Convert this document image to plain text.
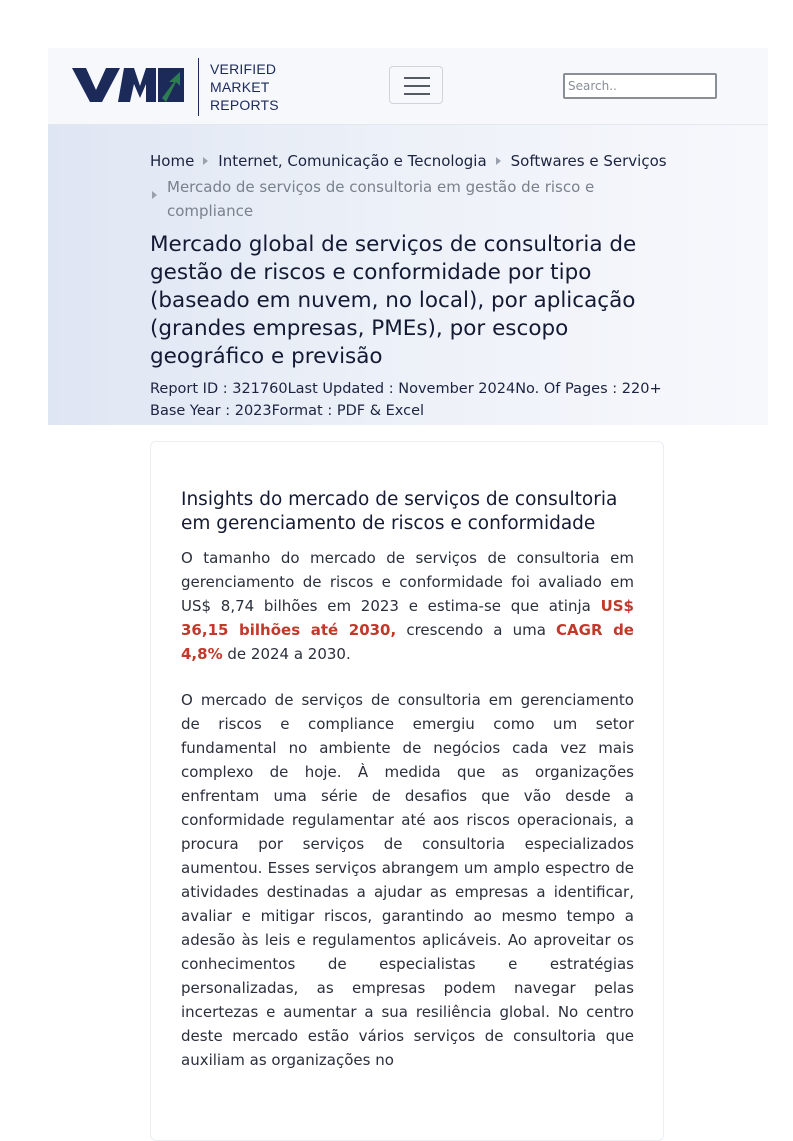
VERIFIED
MARKET
REPORTS
Search..
Home Internet, Comunicação e Tecnologia Softwares e Serviços
Mercado de serviços de consultoria em gestão de risco e compliance
Mercado global de serviços de consultoria de gestão de riscos e conformidade por tipo (baseado em nuvem, no local), por aplicação (grandes empresas, PMEs), por escopo geográfico e previsão
Report ID : 321760Last Updated : November 2024No. Of Pages : 220+
Base Year : 2023Format : PDF & Excel
Insights do mercado de serviços de consultoria em gerenciamento de riscos e conformidade

O tamanho do mercado de serviços de consultoria em gerenciamento de riscos e conformidade foi avaliado em US$ 8,74 bilhões em 2023 e estima-se que atinja US$ 36,15 bilhões até 2030, crescendo a uma CAGR de 4,8% de 2024 a 2030.

O mercado de serviços de consultoria em gerenciamento de riscos e compliance emergiu como um setor fundamental no ambiente de negócios cada vez mais complexo de hoje. À medida que as organizações enfrentam uma série de desafios que vão desde a conformidade regulamentar até aos riscos operacionais, a procura por serviços de consultoria especializados aumentou. Esses serviços abrangem um amplo espectro de atividades destinadas a ajudar as empresas a identificar, avaliar e mitigar riscos, garantindo ao mesmo tempo a adesão às leis e regulamentos aplicáveis. Ao aproveitar os conhecimentos de especialistas e estratégias personalizadas, as empresas podem navegar pelas incertezas e aumentar a sua resiliência global. No centro deste mercado estão vários serviços de consultoria que auxiliam as organizações no
